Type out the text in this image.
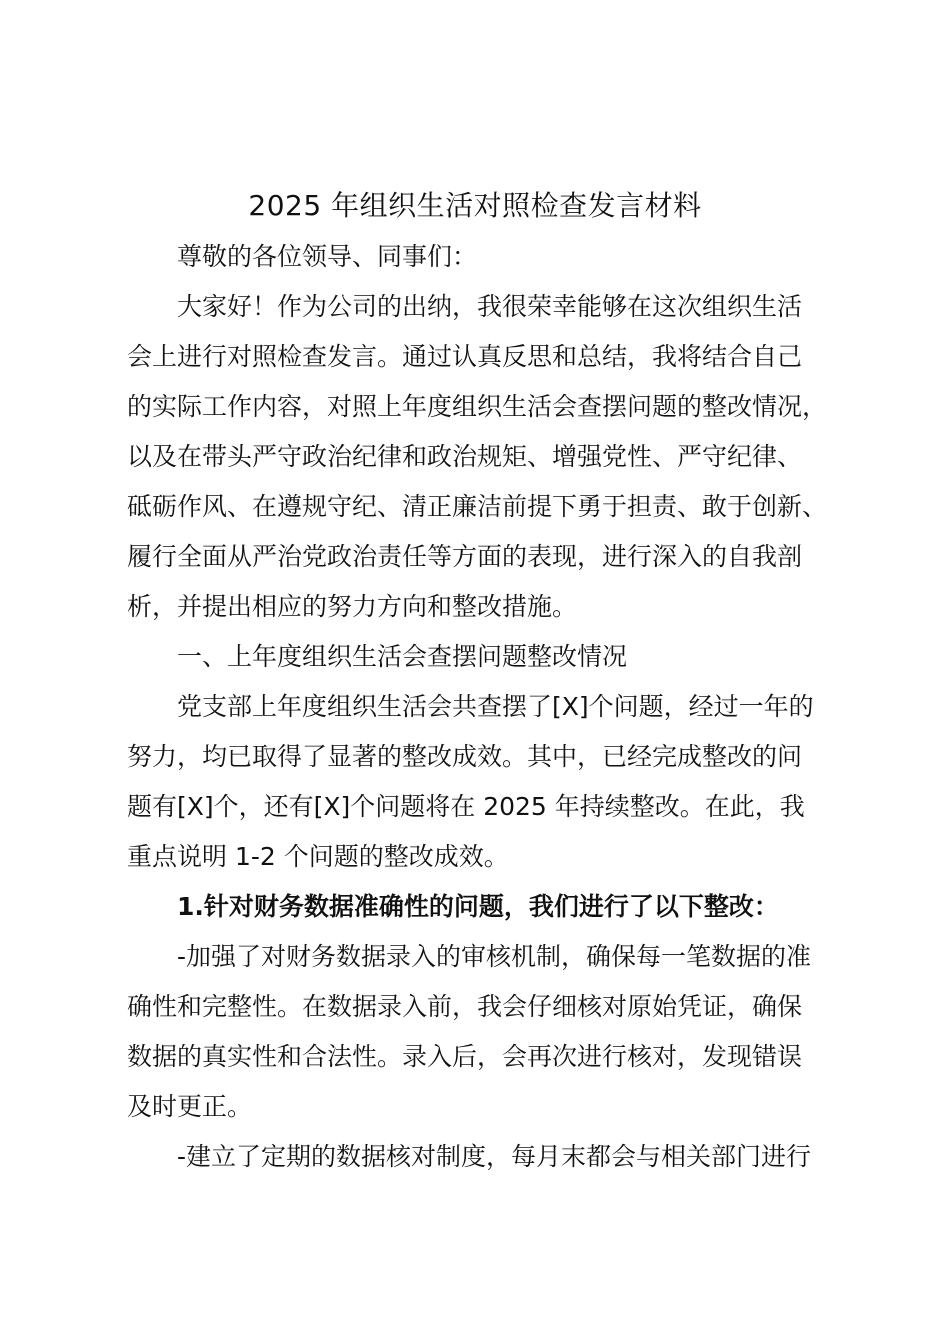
2025 年组织生活对照检查发言材料
尊敬的各位领导、同事们：
大家好！作为公司的出纳，我很荣幸能够在这次组织生活
会上进行对照检查发言。通过认真反思和总结，我将结合自己
的实际工作内容，对照上年度组织生活会查摆问题的整改情况，
以及在带头严守政治纪律和政治规矩、增强党性、严守纪律、
砥砺作风、在遵规守纪、清正廉洁前提下勇于担责、敢于创新、
履行全面从严治党政治责任等方面的表现，进行深入的自我剖
析，并提出相应的努力方向和整改措施。
一、上年度组织生活会查摆问题整改情况
党支部上年度组织生活会共查摆了[X]个问题，经过一年的
努力，均已取得了显著的整改成效。其中，已经完成整改的问
题有[X]个，还有[X]个问题将在 2025 年持续整改。在此，我
重点说明 1-2 个问题的整改成效。
1.针对财务数据准确性的问题，我们进行了以下整改：
-加强了对财务数据录入的审核机制，确保每一笔数据的准
确性和完整性。在数据录入前，我会仔细核对原始凭证，确保
数据的真实性和合法性。录入后，会再次进行核对，发现错误
及时更正。
-建立了定期的数据核对制度，每月末都会与相关部门进行
